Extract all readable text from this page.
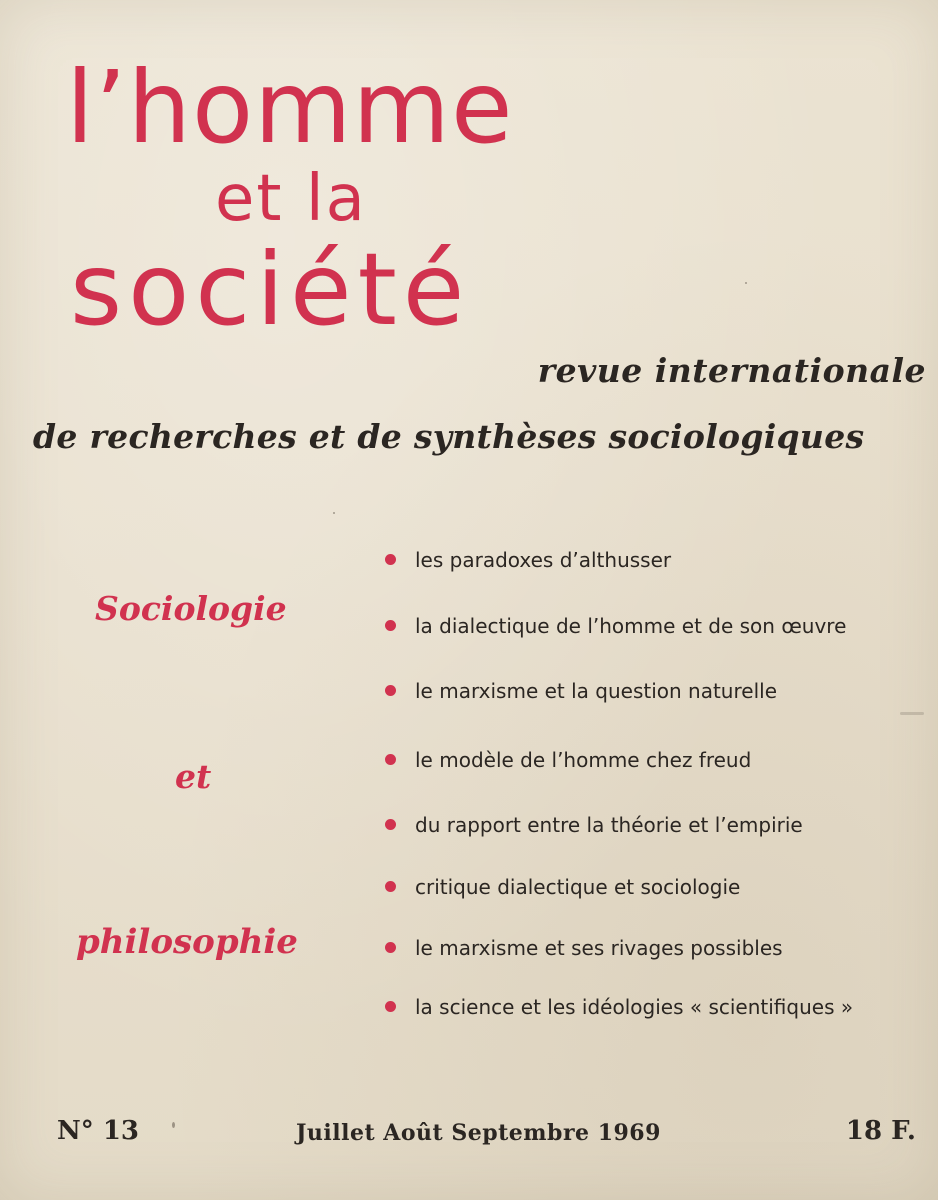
l’homme
et la
société
revue internationale
de recherches et de synthèses sociologiques
Sociologie
et
philosophie
les paradoxes d’althusser
la dialectique de l’homme et de son œuvre
le marxisme et la question naturelle
le modèle de l’homme chez freud
du rapport entre la théorie et l’empirie
critique dialectique et sociologie
le marxisme et ses rivages possibles
la science et les idéologies « scientifiques »
N° 13	Juillet Août Septembre 1969	18 F.
